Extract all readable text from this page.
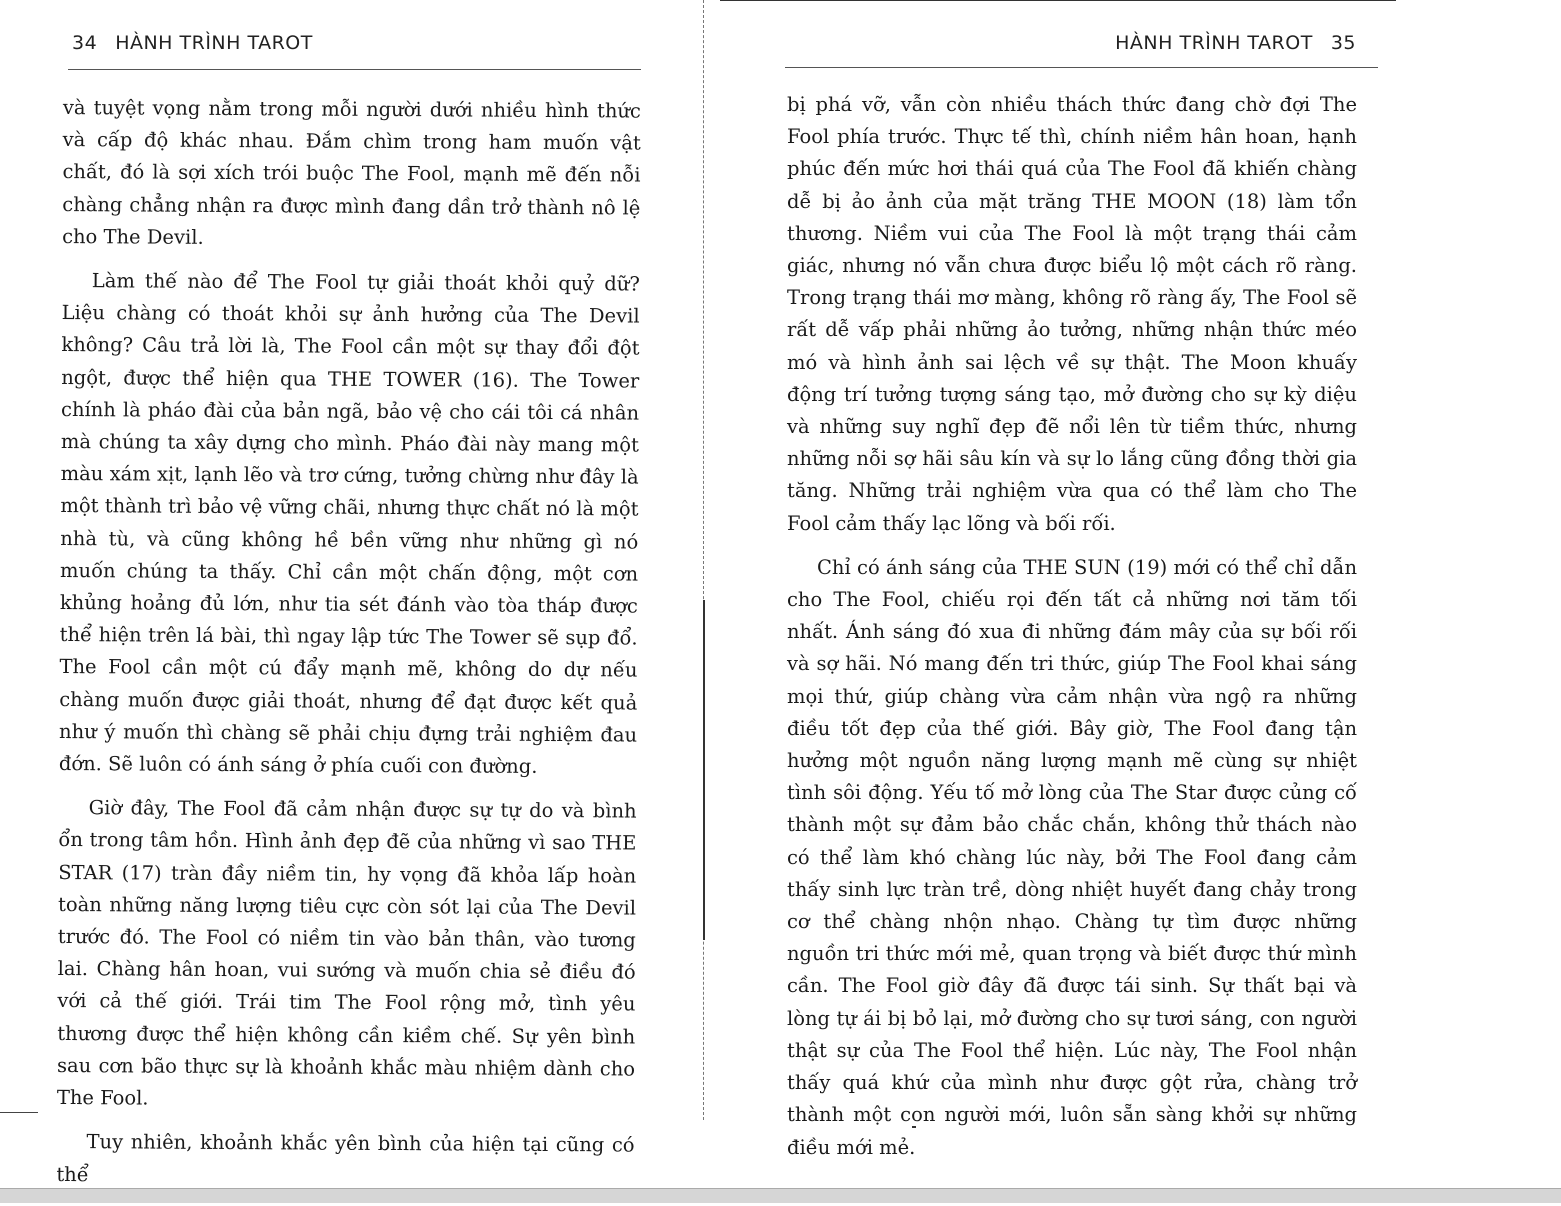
34 HÀNH TRÌNH TAROT

và tuyệt vọng nằm trong mỗi người dưới nhiều hình thức và cấp độ khác nhau. Đắm chìm trong ham muốn vật chất, đó là sợi xích trói buộc The Fool, mạnh mẽ đến nỗi chàng chẳng nhận ra được mình đang dần trở thành nô lệ cho The Devil.

Làm thế nào để The Fool tự giải thoát khỏi quỷ dữ? Liệu chàng có thoát khỏi sự ảnh hưởng của The Devil không? Câu trả lời là, The Fool cần một sự thay đổi đột ngột, được thể hiện qua THE TOWER (16). The Tower chính là pháo đài của bản ngã, bảo vệ cho cái tôi cá nhân mà chúng ta xây dựng cho mình. Pháo đài này mang một màu xám xịt, lạnh lẽo và trơ cứng, tưởng chừng như đây là một thành trì bảo vệ vững chãi, nhưng thực chất nó là một nhà tù, và cũng không hề bền vững như những gì nó muốn chúng ta thấy. Chỉ cần một chấn động, một cơn khủng hoảng đủ lớn, như tia sét đánh vào tòa tháp được thể hiện trên lá bài, thì ngay lập tức The Tower sẽ sụp đổ. The Fool cần một cú đẩy mạnh mẽ, không do dự nếu chàng muốn được giải thoát, nhưng để đạt được kết quả như ý muốn thì chàng sẽ phải chịu đựng trải nghiệm đau đớn. Sẽ luôn có ánh sáng ở phía cuối con đường.

Giờ đây, The Fool đã cảm nhận được sự tự do và bình ổn trong tâm hồn. Hình ảnh đẹp đẽ của những vì sao THE STAR (17) tràn đầy niềm tin, hy vọng đã khỏa lấp hoàn toàn những năng lượng tiêu cực còn sót lại của The Devil trước đó. The Fool có niềm tin vào bản thân, vào tương lai. Chàng hân hoan, vui sướng và muốn chia sẻ điều đó với cả thế giới. Trái tim The Fool rộng mở, tình yêu thương được thể hiện không cần kiềm chế. Sự yên bình sau cơn bão thực sự là khoảnh khắc màu nhiệm dành cho The Fool.

Tuy nhiên, khoảnh khắc yên bình của hiện tại cũng có thể

HÀNH TRÌNH TAROT 35

bị phá vỡ, vẫn còn nhiều thách thức đang chờ đợi The Fool phía trước. Thực tế thì, chính niềm hân hoan, hạnh phúc đến mức hơi thái quá của The Fool đã khiến chàng dễ bị ảo ảnh của mặt trăng THE MOON (18) làm tổn thương. Niềm vui của The Fool là một trạng thái cảm giác, nhưng nó vẫn chưa được biểu lộ một cách rõ ràng. Trong trạng thái mơ màng, không rõ ràng ấy, The Fool sẽ rất dễ vấp phải những ảo tưởng, những nhận thức méo mó và hình ảnh sai lệch về sự thật. The Moon khuấy động trí tưởng tượng sáng tạo, mở đường cho sự kỳ diệu và những suy nghĩ đẹp đẽ nổi lên từ tiềm thức, nhưng những nỗi sợ hãi sâu kín và sự lo lắng cũng đồng thời gia tăng. Những trải nghiệm vừa qua có thể làm cho The Fool cảm thấy lạc lõng và bối rối.

Chỉ có ánh sáng của THE SUN (19) mới có thể chỉ dẫn cho The Fool, chiếu rọi đến tất cả những nơi tăm tối nhất. Ánh sáng đó xua đi những đám mây của sự bối rối và sợ hãi. Nó mang đến tri thức, giúp The Fool khai sáng mọi thứ, giúp chàng vừa cảm nhận vừa ngộ ra những điều tốt đẹp của thế giới. Bây giờ, The Fool đang tận hưởng một nguồn năng lượng mạnh mẽ cùng sự nhiệt tình sôi động. Yếu tố mở lòng của The Star được củng cố thành một sự đảm bảo chắc chắn, không thử thách nào có thể làm khó chàng lúc này, bởi The Fool đang cảm thấy sinh lực tràn trề, dòng nhiệt huyết đang chảy trong cơ thể chàng nhộn nhạo. Chàng tự tìm được những nguồn tri thức mới mẻ, quan trọng và biết được thứ mình cần. The Fool giờ đây đã được tái sinh. Sự thất bại và lòng tự ái bị bỏ lại, mở đường cho sự tươi sáng, con người thật sự của The Fool thể hiện. Lúc này, The Fool nhận thấy quá khứ của mình như được gột rửa, chàng trở thành một con người mới, luôn sẵn sàng khởi sự những điều mới mẻ.
